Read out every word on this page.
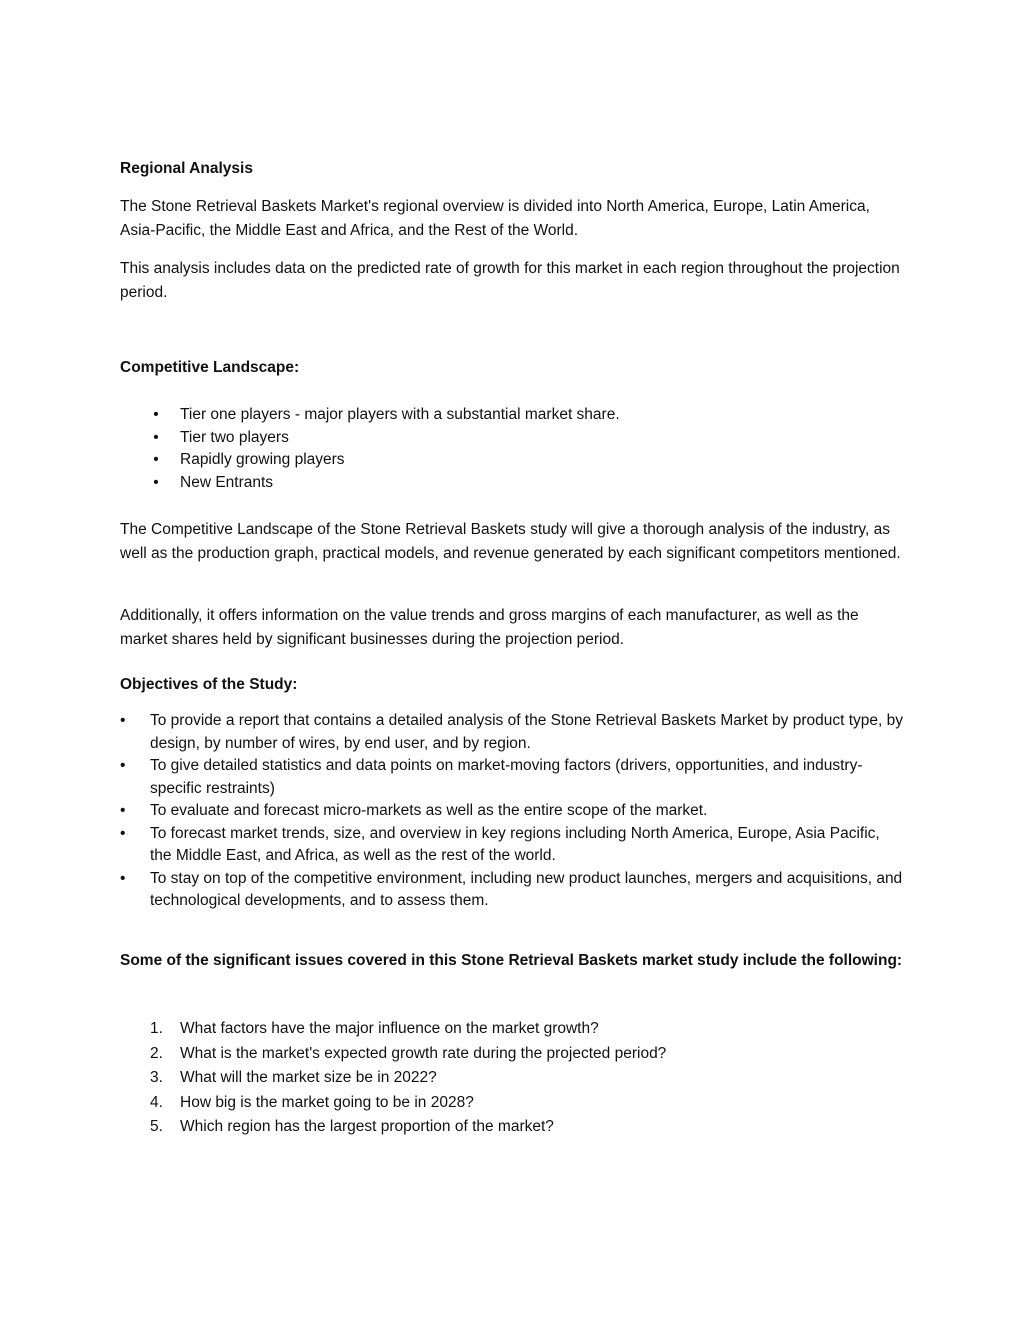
Regional Analysis

The Stone Retrieval Baskets Market's regional overview is divided into North America, Europe, Latin America, Asia-Pacific, the Middle East and Africa, and the Rest of the World.

This analysis includes data on the predicted rate of growth for this market in each region throughout the projection period.

Competitive Landscape:
• Tier one players - major players with a substantial market share.
• Tier two players
• Rapidly growing players
• New Entrants

The Competitive Landscape of the Stone Retrieval Baskets study will give a thorough analysis of the industry, as well as the production graph, practical models, and revenue generated by each significant competitors mentioned.

Additionally, it offers information on the value trends and gross margins of each manufacturer, as well as the market shares held by significant businesses during the projection period.

Objectives of the Study:
• To provide a report that contains a detailed analysis of the Stone Retrieval Baskets Market by product type, by design, by number of wires, by end user, and by region.
• To give detailed statistics and data points on market-moving factors (drivers, opportunities, and industry-specific restraints)
• To evaluate and forecast micro-markets as well as the entire scope of the market.
• To forecast market trends, size, and overview in key regions including North America, Europe, Asia Pacific, the Middle East, and Africa, as well as the rest of the world.
• To stay on top of the competitive environment, including new product launches, mergers and acquisitions, and technological developments, and to assess them.
Some of the significant issues covered in this Stone Retrieval Baskets market study include the following:
1.	What factors have the major influence on the market growth?
2.	What is the market's expected growth rate during the projected period?
3.	What will the market size be in 2022?
4.	How big is the market going to be in 2028?
5.	Which region has the largest proportion of the market?
